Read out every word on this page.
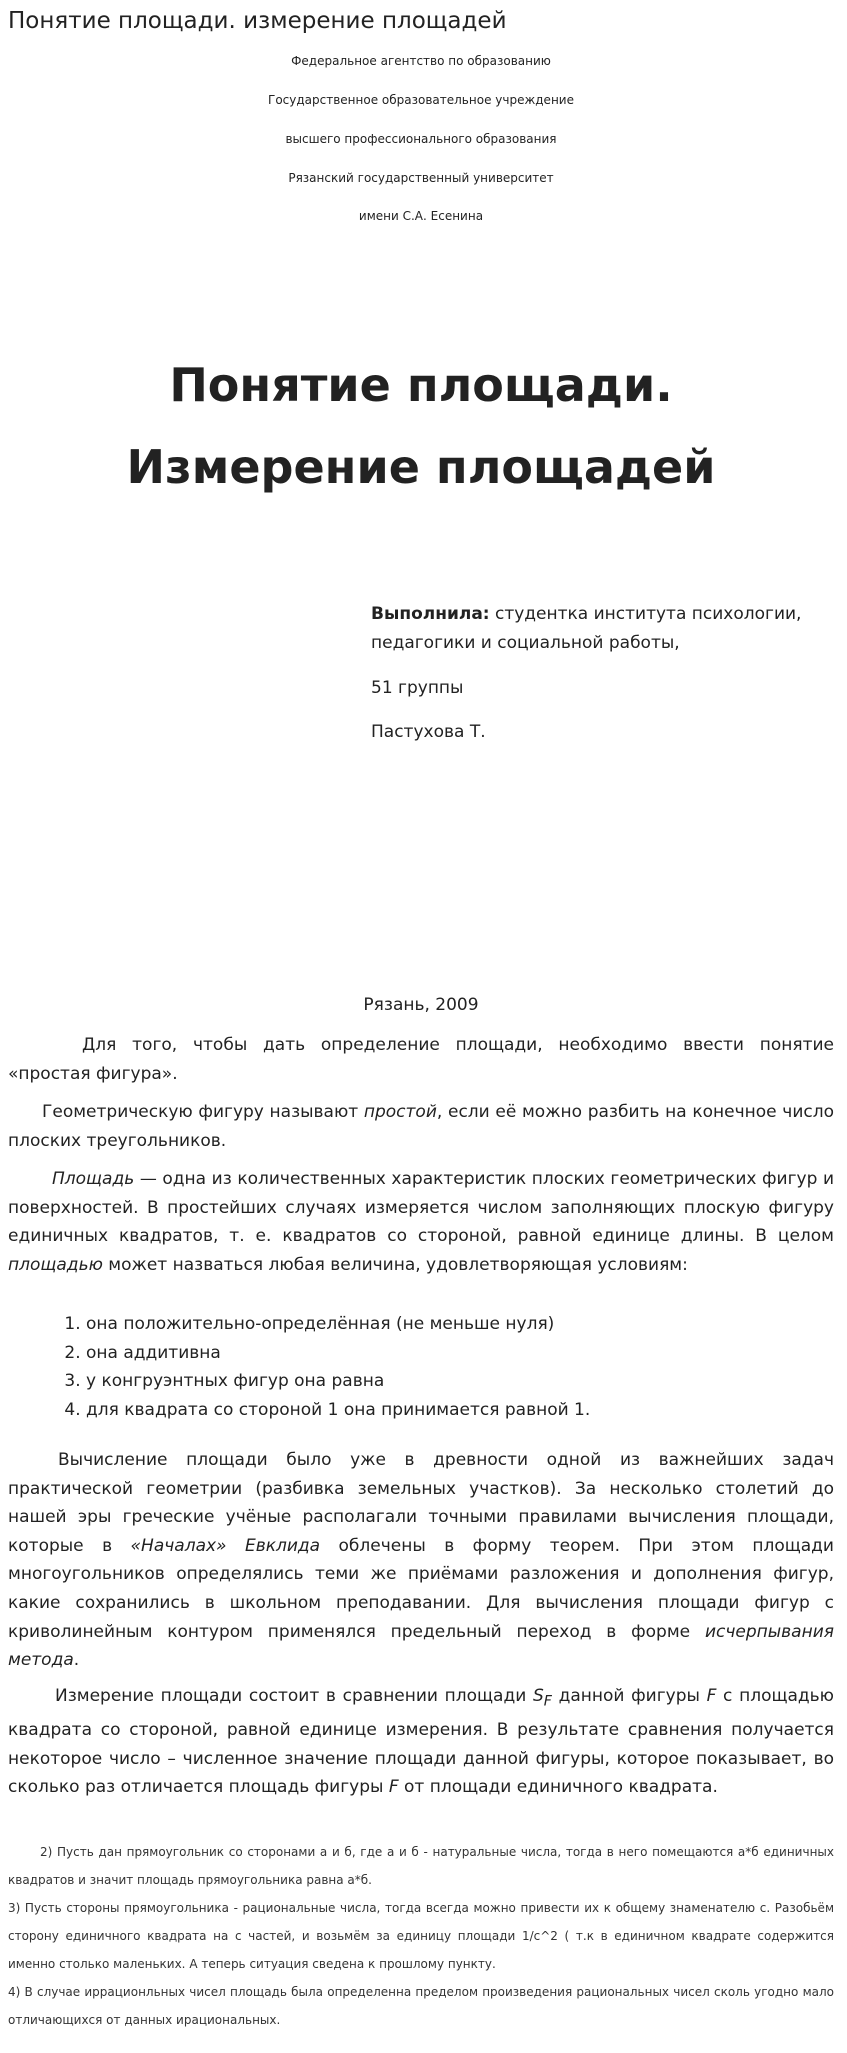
Понятие площади. измерение площадей
Федеральное агентство по образованию
Государственное образовательное учреждение
высшего профессионального образования
Рязанский государственный университет
имени С.А. Есенина
Понятие площади.
Измерение площадей
Выполнила: студентка института психологии,
педагогики и социальной работы,
51 группы
Пастухова Т.
Рязань, 2009

Для того, чтобы дать определение площади, необходимо ввести понятие «простая фигура».

Геометрическую фигуру называют простой, если её можно разбить на конечное число плоских треугольников.

Площадь — одна из количественных характеристик плоских геометрических фигур и поверхностей. В простейших случаях измеряется числом заполняющих плоскую фигуру единичных квадратов, т. е. квадратов со стороной, равной единице длины. В целом площадью может назваться любая величина, удовлетворяющая условиям:

1. она положительно-определённая (не меньше нуля)
2. она аддитивна
3. у конгруэнтных фигур она равна
4. для квадрата со стороной 1 она принимается равной 1.

Вычисление площади было уже в древности одной из важнейших задач практической геометрии (разбивка земельных участков). За несколько столетий до нашей эры греческие учёные располагали точными правилами вычисления площади, которые в «Началах» Евклида облечены в форму теорем. При этом площади многоугольников определялись теми же приёмами разложения и дополнения фигур, какие сохранились в школьном преподавании. Для вычисления площади фигур с криволинейным контуром применялся предельный переход в форме исчерпывания метода.

Измерение площади состоит в сравнении площади $S_F$ данной фигуры F с площадью квадрата со стороной, равной единице измерения. В результате сравнения получается некоторое число – численное значение площади данной фигуры, которое показывает, во сколько раз отличается площадь фигуры F от площади единичного квадрата.

2) Пусть дан прямоугольник со сторонами а и б, где а и б - натуральные числа, тогда в него помещаются а*б единичных квадратов и значит площадь прямоугольника равна а*б.

3) Пусть стороны прямоугольника - рациональные числа, тогда всегда можно привести их к общему знаменателю с. Разобьём сторону единичного квадрата на с частей, и возьмём за единицу площади 1/с^2 ( т.к в единичном квадрате содержится именно столько маленьких. А теперь ситуация сведена к прошлому пункту.

4) В случае иррационльных чисел площадь была определенна пределом произведения рациональных чисел сколь угодно мало отличающихся от данных ирациональных.
